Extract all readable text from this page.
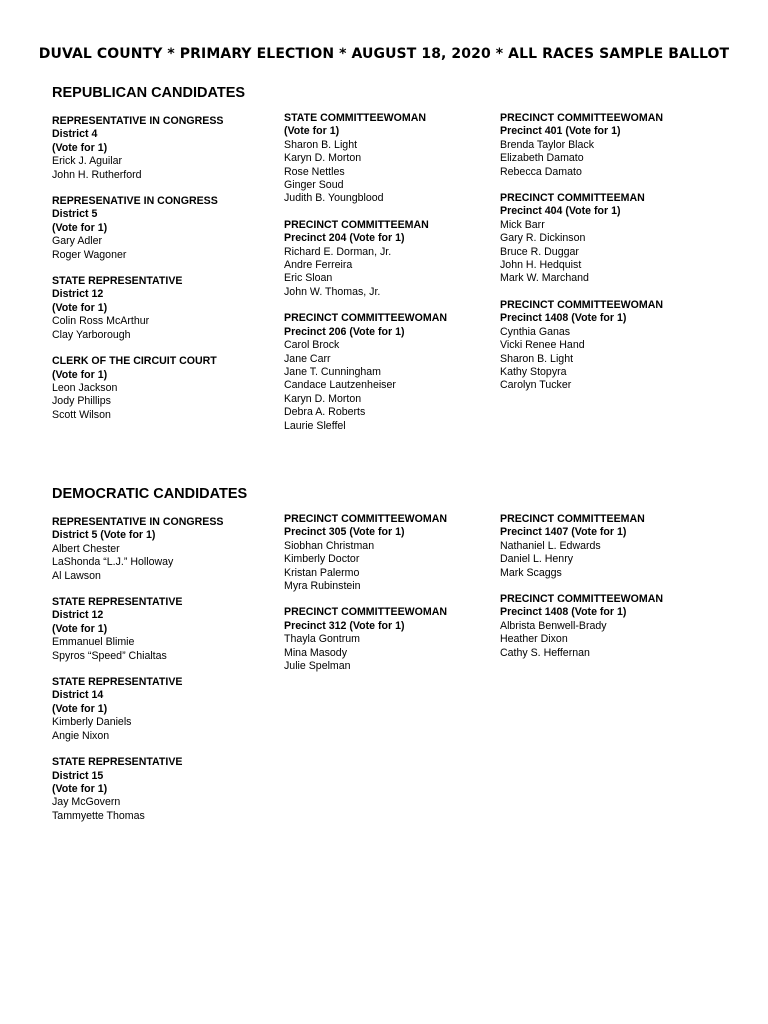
DUVAL COUNTY * PRIMARY ELECTION * AUGUST 18, 2020 * ALL RACES SAMPLE BALLOT
REPUBLICAN CANDIDATES
REPRESENTATIVE IN CONGRESS
District 4
(Vote for 1)
Erick J. Aguilar
John H. Rutherford
REPRESENATIVE IN CONGRESS
District 5
(Vote for 1)
Gary Adler
Roger Wagoner
STATE REPRESENTATIVE
District 12
(Vote for 1)
Colin Ross McArthur
Clay Yarborough
CLERK OF THE CIRCUIT COURT
(Vote for 1)
Leon Jackson
Jody Phillips
Scott Wilson
STATE COMMITTEEWOMAN
(Vote for 1)
Sharon B. Light
Karyn D. Morton
Rose Nettles
Ginger Soud
Judith B. Youngblood
PRECINCT COMMITTEEMAN
Precinct 204 (Vote for 1)
Richard E. Dorman, Jr.
Andre Ferreira
Eric Sloan
John W. Thomas, Jr.
PRECINCT COMMITTEEWOMAN
Precinct 206 (Vote for 1)
Carol Brock
Jane Carr
Jane T. Cunningham
Candace Lautzenheiser
Karyn D. Morton
Debra A. Roberts
Laurie Sleffel
PRECINCT COMMITTEEWOMAN
Precinct 401 (Vote for 1)
Brenda Taylor Black
Elizabeth Damato
Rebecca Damato
PRECINCT COMMITTEEMAN
Precinct 404 (Vote for 1)
Mick Barr
Gary R. Dickinson
Bruce R. Duggar
John H. Hedquist
Mark W. Marchand
PRECINCT COMMITTEEWOMAN
Precinct 1408 (Vote for 1)
Cynthia Ganas
Vicki Renee Hand
Sharon B. Light
Kathy Stopyra
Carolyn Tucker
DEMOCRATIC CANDIDATES
REPRESENTATIVE IN CONGRESS
District 5 (Vote for 1)
Albert Chester
LaShonda “L.J.” Holloway
Al Lawson
STATE REPRESENTATIVE
District 12
(Vote for 1)
Emmanuel Blimie
Spyros “Speed” Chialtas
STATE REPRESENTATIVE
District 14
(Vote for 1)
Kimberly Daniels
Angie Nixon
STATE REPRESENTATIVE
District 15
(Vote for 1)
Jay McGovern
Tammyette Thomas
PRECINCT COMMITTEEWOMAN
Precinct 305 (Vote for 1)
Siobhan Christman
Kimberly Doctor
Kristan Palermo
Myra Rubinstein
PRECINCT COMMITTEEWOMAN
Precinct 312 (Vote for 1)
Thayla Gontrum
Mina Masody
Julie Spelman
PRECINCT COMMITTEEMAN
Precinct 1407 (Vote for 1)
Nathaniel L. Edwards
Daniel L. Henry
Mark Scaggs
PRECINCT COMMITTEEWOMAN
Precinct 1408 (Vote for 1)
Albrista Benwell-Brady
Heather Dixon
Cathy S. Heffernan
